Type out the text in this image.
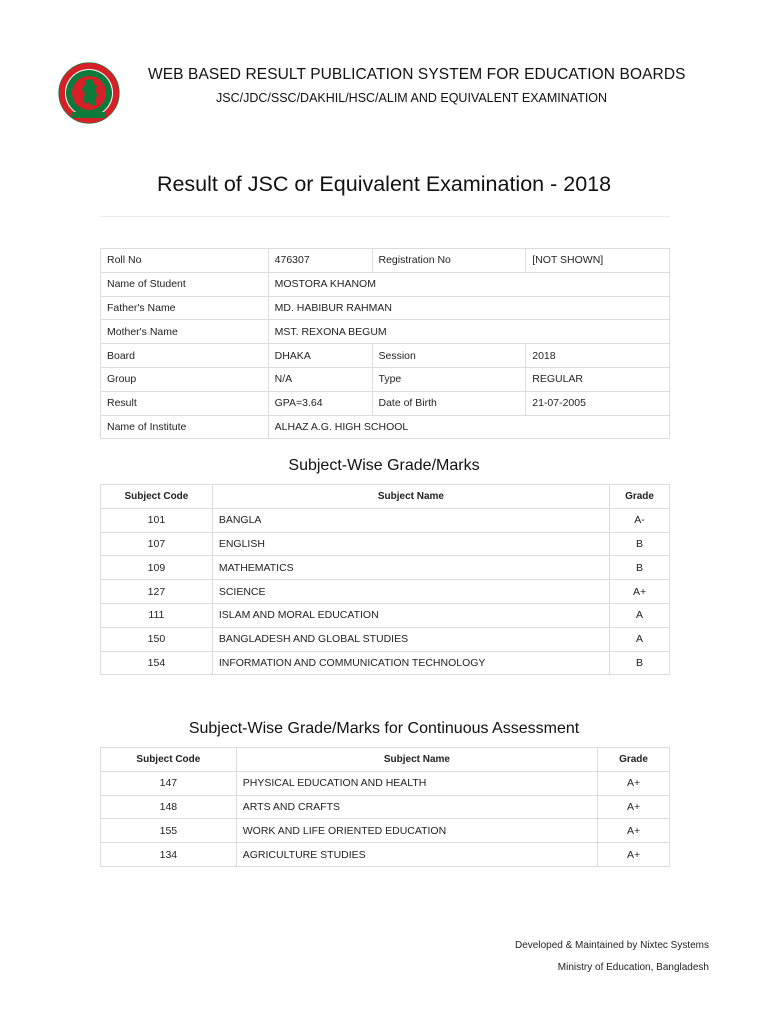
WEB BASED RESULT PUBLICATION SYSTEM FOR EDUCATION BOARDS
JSC/JDC/SSC/DAKHIL/HSC/ALIM AND EQUIVALENT EXAMINATION
Result of JSC or Equivalent Examination - 2018
Roll No	476307	Registration No	[NOT SHOWN]
Name of Student	MOSTORA KHANOM		
Father's Name	MD. HABIBUR RAHMAN		
Mother's Name	MST. REXONA BEGUM		
Board	DHAKA	Session	2018
Group	N/A	Type	REGULAR
Result	GPA=3.64	Date of Birth	21-07-2005
Name of Institute	ALHAZ A.G. HIGH SCHOOL		
Subject-Wise Grade/Marks
Subject Code	Subject Name	Grade
101	BANGLA	A-
107	ENGLISH	B
109	MATHEMATICS	B
127	SCIENCE	A+
111	ISLAM AND MORAL EDUCATION	A
150	BANGLADESH AND GLOBAL STUDIES	A
154	INFORMATION AND COMMUNICATION TECHNOLOGY	B
Subject-Wise Grade/Marks for Continuous Assessment
Subject Code	Subject Name	Grade
147	PHYSICAL EDUCATION AND HEALTH	A+
148	ARTS AND CRAFTS	A+
155	WORK AND LIFE ORIENTED EDUCATION	A+
134	AGRICULTURE STUDIES	A+
Developed & Maintained by Nixtec Systems
Ministry of Education, Bangladesh
